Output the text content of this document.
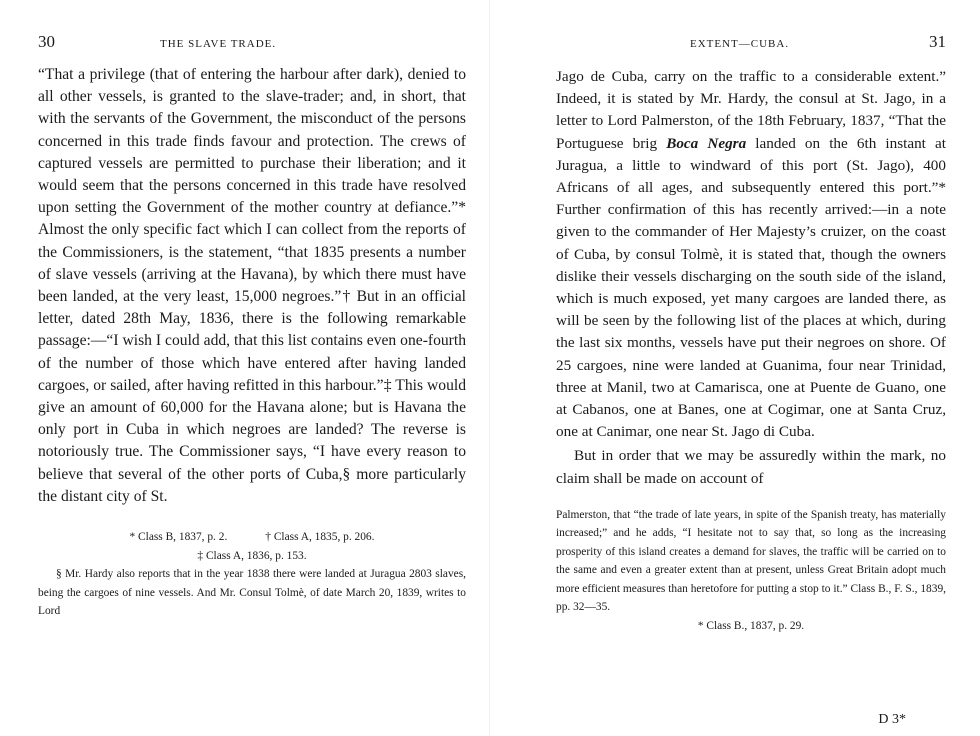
30	THE SLAVE TRADE.

“That a privilege (that of entering the harbour after dark), denied to all other vessels, is granted to the slave-trader; and, in short, that with the servants of the Government, the misconduct of the persons concerned in this trade finds favour and protection. The crews of captured vessels are permitted to purchase their liberation; and it would seem that the persons concerned in this trade have resolved upon setting the Government of the mother country at defiance.”* Almost the only specific fact which I can collect from the reports of the Commissioners, is the statement, “that 1835 presents a number of slave vessels (arriving at the Havana), by which there must have been landed, at the very least, 15,000 negroes.”† But in an official letter, dated 28th May, 1836, there is the following remarkable passage:—“I wish I could add, that this list contains even one-fourth of the number of those which have entered after having landed cargoes, or sailed, after having refitted in this harbour.”‡ This would give an amount of 60,000 for the Havana alone; but is Havana the only port in Cuba in which negroes are landed? The reverse is notoriously true. The Commissioner says, “I have every reason to believe that several of the other ports of Cuba,§ more particularly the distant city of St.

* Class B, 1837, p. 2.	† Class A, 1835, p. 206.
‡ Class A, 1836, p. 153.
§ Mr. Hardy also reports that in the year 1838 there were landed at Juragua 2803 slaves, being the cargoes of nine vessels. And Mr. Consul Tolmè, of date March 20, 1839, writes to Lord
EXTENT—CUBA.	31

Jago de Cuba, carry on the traffic to a considerable extent.” Indeed, it is stated by Mr. Hardy, the consul at St. Jago, in a letter to Lord Palmerston, of the 18th February, 1837, “That the Portuguese brig Boca Negra landed on the 6th instant at Juragua, a little to windward of this port (St. Jago), 400 Africans of all ages, and subsequently entered this port.”* Further confirmation of this has recently arrived:—in a note given to the commander of Her Majesty’s cruizer, on the coast of Cuba, by consul Tolmè, it is stated that, though the owners dislike their vessels discharging on the south side of the island, which is much exposed, yet many cargoes are landed there, as will be seen by the following list of the places at which, during the last six months, vessels have put their negroes on shore. Of 25 cargoes, nine were landed at Guanima, four near Trinidad, three at Manil, two at Camarisca, one at Puente de Guano, one at Cabanos, one at Banes, one at Cogimar, one at Santa Cruz, one at Canimar, one near St. Jago di Cuba.
But in order that we may be assuredly within the mark, no claim shall be made on account of

Palmerston, that “the trade of late years, in spite of the Spanish treaty, has materially increased;” and he adds, “I hesitate not to say that, so long as the increasing prosperity of this island creates a demand for slaves, the traffic will be carried on to the same and even a greater extent than at present, unless Great Britain adopt much more efficient measures than heretofore for putting a stop to it.” Class B., F. S., 1839, pp. 32—35.
* Class B., 1837, p. 29.
D 3*
